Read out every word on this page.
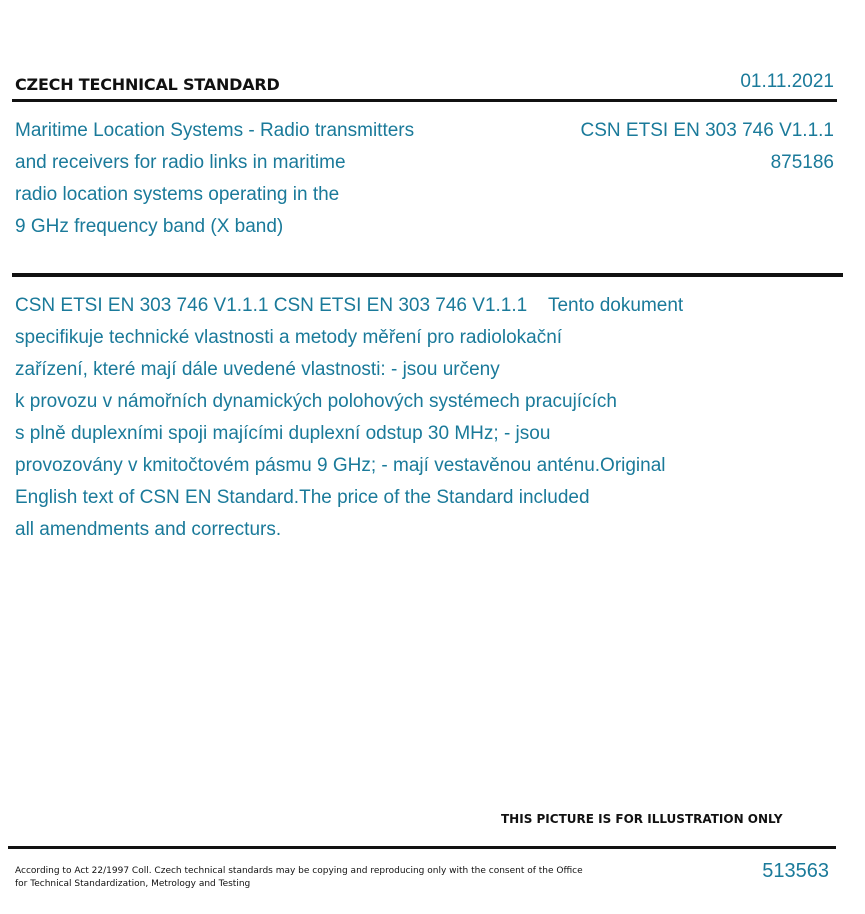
CZECH TECHNICAL STANDARD	01.11.2021
Maritime Location Systems - Radio transmitters
and receivers for radio links in maritime
radio location systems operating in the
9 GHz frequency band (X band)
CSN ETSI EN 303 746 V1.1.1
875186
CSN ETSI EN 303 746 V1.1.1 CSN ETSI EN 303 746 V1.1.1    Tento dokument
specifikuje technické vlastnosti a metody měření pro radiolokační
zařízení, které mají dále uvedené vlastnosti: - jsou určeny
k provozu v námořních dynamických polohových systémech pracujících
s plně duplexními spoji majícími duplexní odstup 30 MHz; - jsou
provozovány v kmitočtovém pásmu 9 GHz; - mají vestavěnou anténu.Original
English text of CSN EN Standard.The price of the Standard included
all amendments and correcturs.
THIS PICTURE IS FOR ILLUSTRATION ONLY
According to Act 22/1997 Coll. Czech technical standards may be copying and reproducing only with the consent of the Office
for Technical Standardization, Metrology and Testing
513563
